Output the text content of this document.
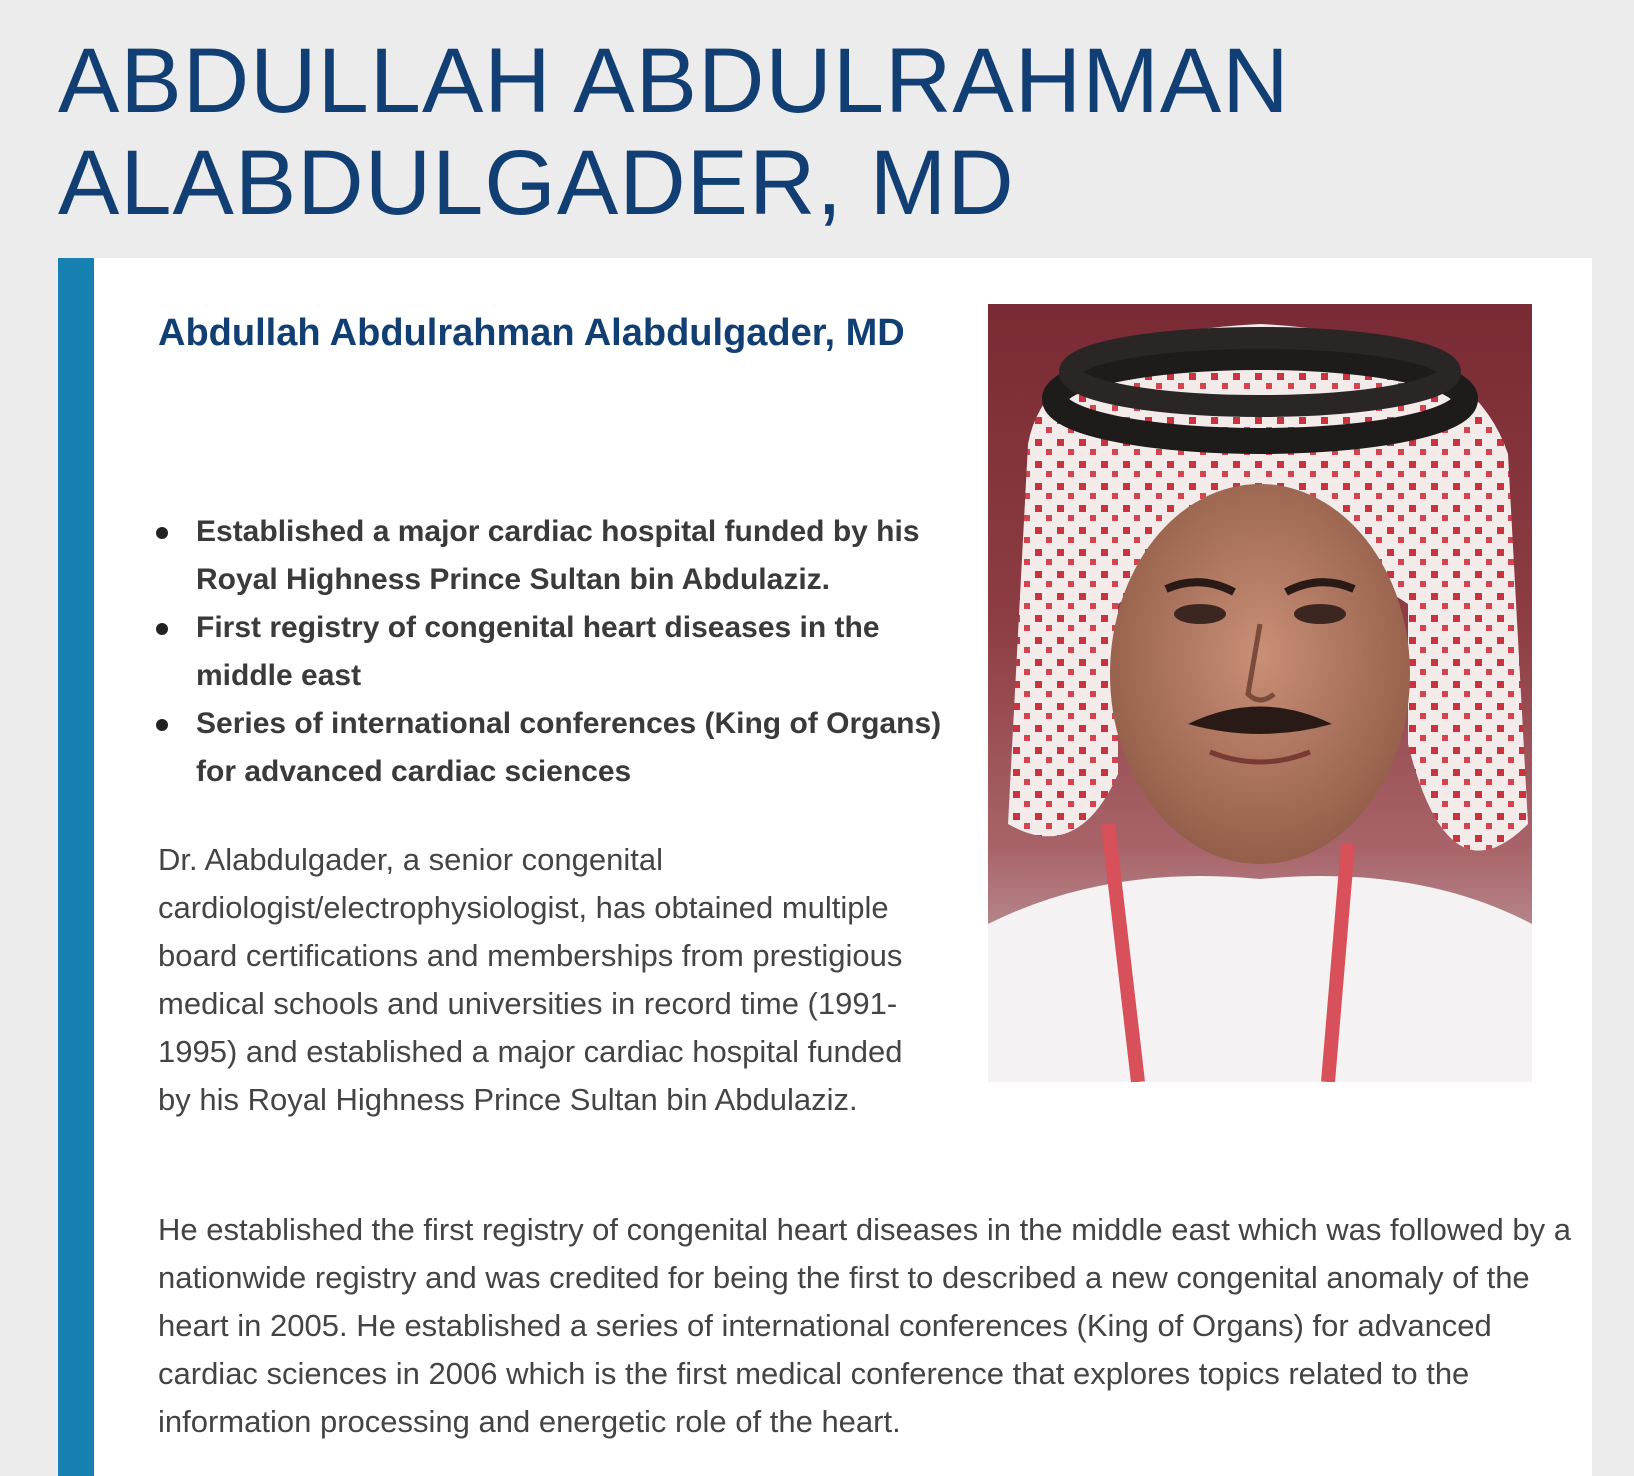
ABDULLAH ABDULRAHMAN ALABDULGADER, MD
Abdullah Abdulrahman Alabdulgader, MD
Established a major cardiac hospital funded by his Royal Highness Prince Sultan bin Abdulaziz.
First registry of congenital heart diseases in the middle east
Series of international conferences (King of Organs) for advanced cardiac sciences

Dr. Alabdulgader, a senior congenital cardiologist/electrophysiologist, has obtained multiple board certifications and memberships from prestigious medical schools and universities in record time (1991-1995) and established a major cardiac hospital funded by his Royal Highness Prince Sultan bin Abdulaziz.

He established the first registry of congenital heart diseases in the middle east which was followed by a nationwide registry and was credited for being the first to described a new congenital anomaly of the heart in 2005. He established a series of international conferences (King of Organs) for advanced cardiac sciences in 2006 which is the first medical conference that explores topics related to the information processing and energetic role of the heart.
